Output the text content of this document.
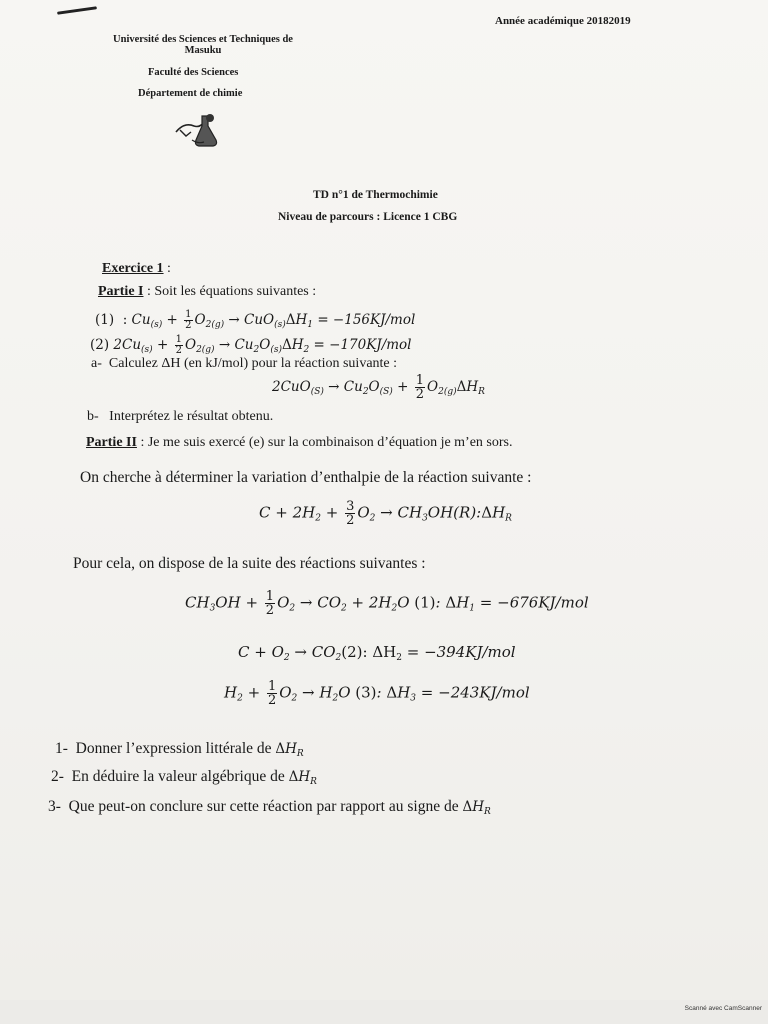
Année académique 20182019
Université des Sciences et Techniques de
Masuku
Faculté des Sciences
Département de chimie
TD n°1 de Thermochimie
Niveau de parcours : Licence 1 CBG
Exercice 1 :
Partie I : Soit les équations suivantes :
(1)  : $Cu_{(s)} + \frac{1}{2} O_{2(g)} \to CuO_{(s)}\Delta H_1 = -156KJ/mol$
(2) $2Cu_{(s)} + \frac{1}{2} O_{2(g)} \to Cu_2O_{(s)}\Delta H_2 = -170KJ/mol$
a- Calculez ΔH (en kJ/mol) pour la réaction suivante :
$2CuO_{(S)} \to Cu_2O_{(S)} + \frac{1}{2} O_{2(g)}\Delta H_R$
b- Interprétez le résultat obtenu.
Partie II : Je me suis exercé (e) sur la combinaison d’équation je m’en sors.
On cherche à déterminer la variation d’enthalpie de la réaction suivante :
$C + 2H_2 + \frac{3}{2} O_2$ → $CH_3OH(R):\Delta H_R$
Pour cela, on dispose de la suite des réactions suivantes :
$CH_3OH + \frac{1}{2} O_2 \to CO_2 + 2H_2O$ (1): $\Delta H_1 = -676KJ/mol$
$C + O_2 \to CO_2(2)$: $\Delta H_2 = -394KJ/mol$
$H_2 + \frac{1}{2} O_2 \to H_2O$ (3): $\Delta H_3 = -243KJ/mol$
1- Donner l’expression littérale de $\Delta H_R$
2- En déduire la valeur algébrique de $\Delta H_R$
3- Que peut-on conclure sur cette réaction par rapport au signe de $\Delta H_R$
Scanné avec CamScanner
